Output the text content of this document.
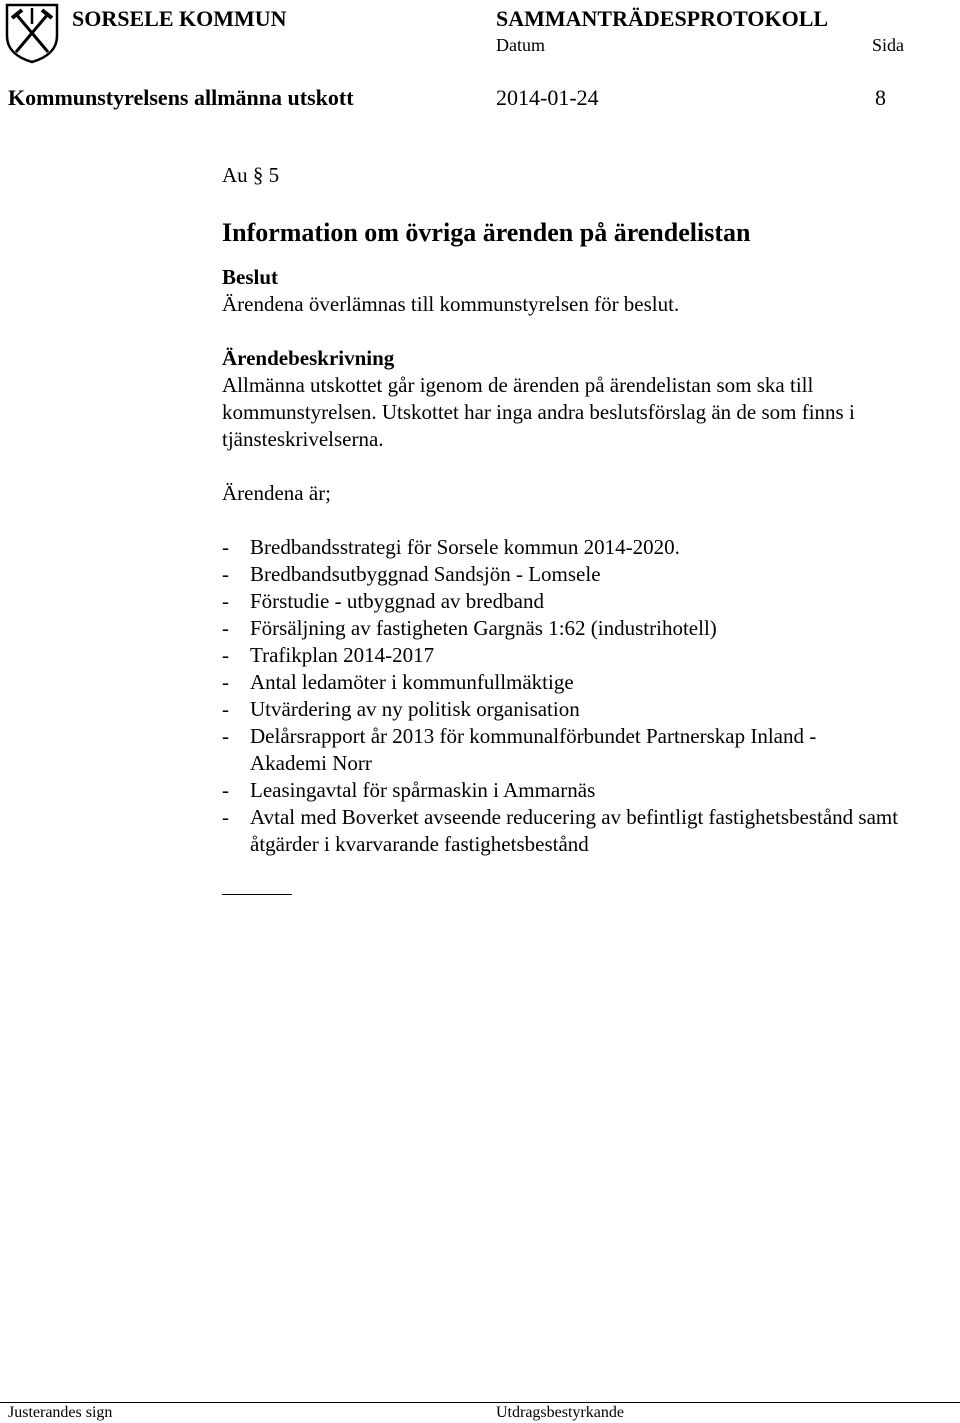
SORSELE KOMMUN	SAMMANTRÄDESPROTOKOLL
Datum	Sida
Kommunstyrelsens allmänna utskott	2014-01-24	8
Au § 5
Information om övriga ärenden på ärendelistan
Beslut
Ärendena överlämnas till kommunstyrelsen för beslut.
Ärendebeskrivning
Allmänna utskottet går igenom de ärenden på ärendelistan som ska till kommunstyrelsen. Utskottet har inga andra beslutsförslag än de som finns i tjänsteskrivelserna.
Ärendena är;
- Bredbandsstrategi för Sorsele kommun 2014-2020.
- Bredbandsutbyggnad Sandsjön - Lomsele
- Förstudie - utbyggnad av bredband
- Försäljning av fastigheten Gargnäs 1:62 (industrihotell)
- Trafikplan 2014-2017
- Antal ledamöter i kommunfullmäktige
- Utvärdering av ny politisk organisation
- Delårsrapport år 2013 för kommunalförbundet Partnerskap Inland - Akademi Norr
- Leasingavtal för spårmaskin i Ammarnäs
- Avtal med Boverket avseende reducering av befintligt fastighetsbestånd samt åtgärder i kvarvarande fastighetsbestånd
Justerandes sign	Utdragsbestyrkande
